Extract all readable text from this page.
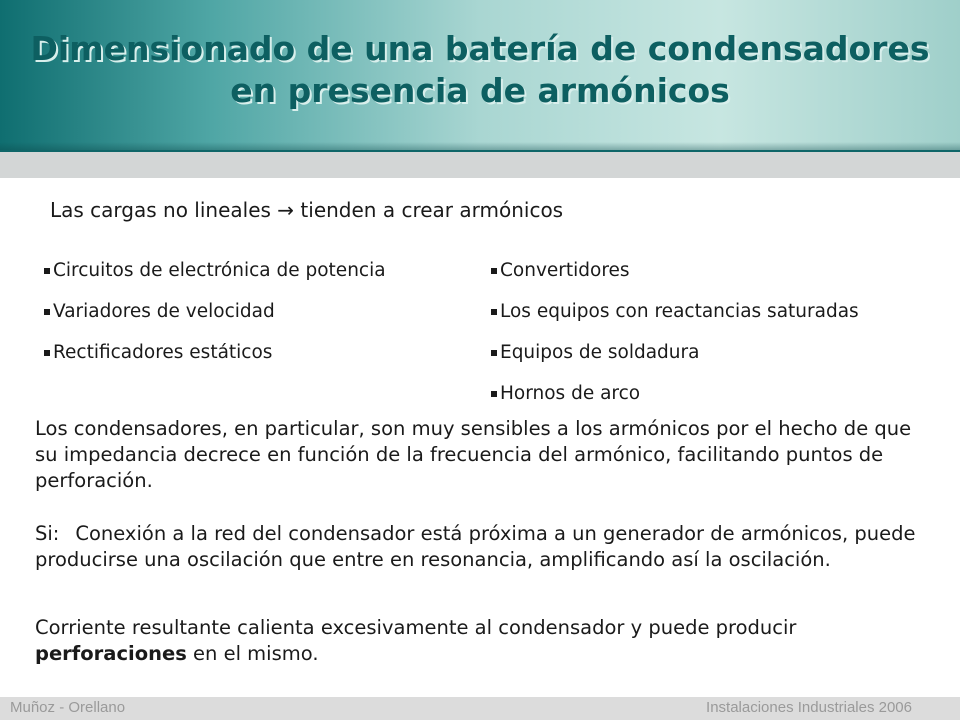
Dimensionado de una batería de condensadores
en presencia de armónicos
Las cargas no lineales → tienden a crear armónicos
Circuitos de electrónica de potencia
Variadores de velocidad
Rectificadores estáticos
Convertidores
Los equipos con reactancias saturadas
Equipos de soldadura
Hornos de arco
Los condensadores, en particular, son muy sensibles a los armónicos por el hecho de que su impedancia decrece en función de la frecuencia del armónico, facilitando puntos de perforación.
Si: Conexión a la red del condensador está próxima a un generador de armónicos, puede producirse una oscilación que entre en resonancia, amplificando así la oscilación.
Corriente resultante calienta excesivamente al condensador y puede producir perforaciones en el mismo.
Muñoz - Orellano	Instalaciones Industriales 2006
